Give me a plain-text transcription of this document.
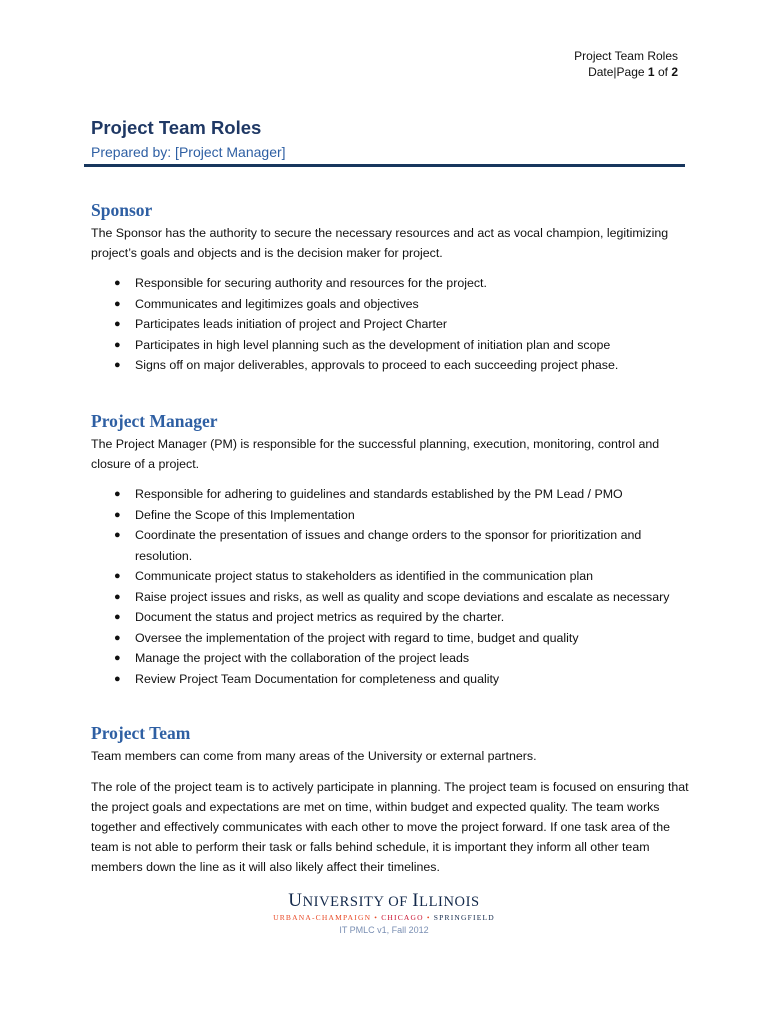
Project Team Roles
Date|Page 1 of 2
Project Team Roles
Prepared by: [Project Manager]
Sponsor

The Sponsor has the authority to secure the necessary resources and act as vocal champion, legitimizing project’s goals and objects and is the decision maker for project.

● Responsible for securing authority and resources for the project.
● Communicates and legitimizes goals and objectives
● Participates leads initiation of project and Project Charter
● Participates in high level planning such as the development of initiation plan and scope
● Signs off on major deliverables, approvals to proceed to each succeeding project phase.
Project Manager

The Project Manager (PM) is responsible for the successful planning, execution, monitoring, control and closure of a project.

● Responsible for adhering to guidelines and standards established by the PM Lead / PMO
● Define the Scope of this Implementation
● Coordinate the presentation of issues and change orders to the sponsor for prioritization and resolution.
● Communicate project status to stakeholders as identified in the communication plan
● Raise project issues and risks, as well as quality and scope deviations and escalate as necessary
● Document the status and project metrics as required by the charter.
● Oversee the implementation of the project with regard to time, budget and quality
● Manage the project with the collaboration of the project leads
● Review Project Team Documentation for completeness and quality
Project Team

Team members can come from many areas of the University or external partners.

The role of the project team is to actively participate in planning. The project team is focused on ensuring that the project goals and expectations are met on time, within budget and expected quality. The team works together and effectively communicates with each other to move the project forward. If one task area of the team is not able to perform their task or falls behind schedule, it is important they inform all other team members down the line as it will also likely affect their timelines.

UNIVERSITY OF ILLINOIS
URBANA-CHAMPAIGN • CHICAGO • SPRINGFIELD
IT PMLC v1, Fall 2012
